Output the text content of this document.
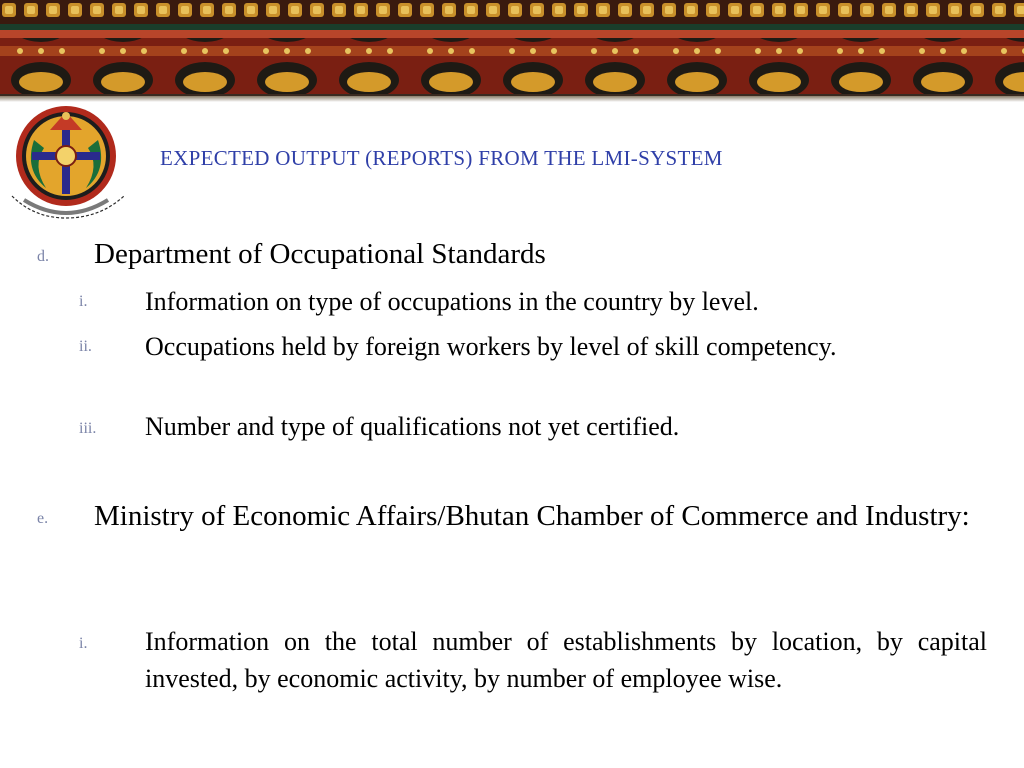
EXPECTED OUTPUT (REPORTS) FROM THE LMI-SYSTEM
d. Department of Occupational Standards
i. Information on type of occupations in the country by level.
ii. Occupations held by foreign workers by level of skill competency.
iii. Number and type of qualifications not yet certified.
e. Ministry of Economic Affairs/Bhutan Chamber of Commerce and Industry:
i. Information on the total number of establishments by location, by capital invested, by economic activity, by number of employee wise.
